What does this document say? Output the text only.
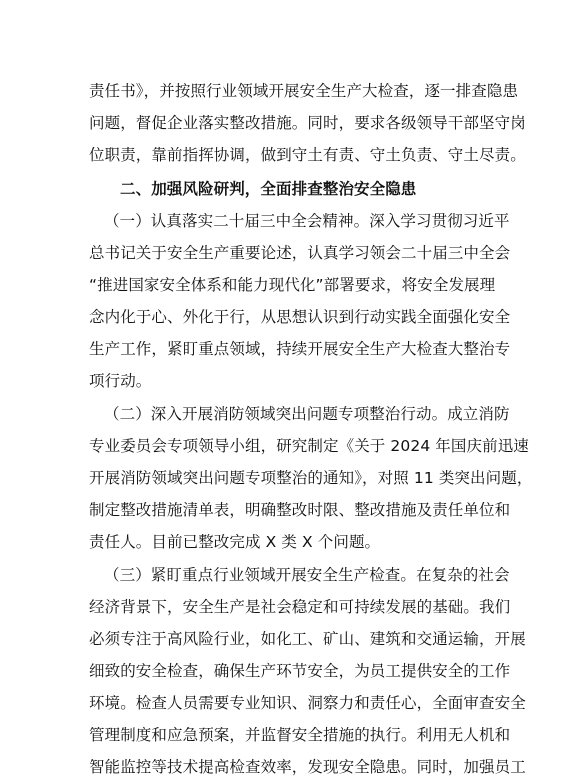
责任书》，并按照行业领域开展安全生产大检查，逐一排查隐患
问题，督促企业落实整改措施。同时，要求各级领导干部坚守岗
位职责，靠前指挥协调，做到守土有责、守土负责、守土尽责。
二、加强风险研判，全面排查整治安全隐患
（一）认真落实二十届三中全会精神。深入学习贯彻习近平
总书记关于安全生产重要论述，认真学习领会二十届三中全会
“推进国家安全体系和能力现代化”部署要求，将安全发展理
念内化于心、外化于行，从思想认识到行动实践全面强化安全
生产工作，紧盯重点领域，持续开展安全生产大检查大整治专
项行动。
（二）深入开展消防领域突出问题专项整治行动。成立消防
专业委员会专项领导小组，研究制定《关于 2024 年国庆前迅速
开展消防领域突出问题专项整治的通知》，对照 11 类突出问题，
制定整改措施清单表，明确整改时限、整改措施及责任单位和
责任人。目前已整改完成 X 类 X 个问题。
（三）紧盯重点行业领域开展安全生产检查。在复杂的社会
经济背景下，安全生产是社会稳定和可持续发展的基础。我们
必须专注于高风险行业，如化工、矿山、建筑和交通运输，开展
细致的安全检查，确保生产环节安全，为员工提供安全的工作
环境。检查人员需要专业知识、洞察力和责任心，全面审查安全
管理制度和应急预案，并监督安全措施的执行。利用无人机和
智能监控等技术提高检查效率，发现安全隐患。同时，加强员工
